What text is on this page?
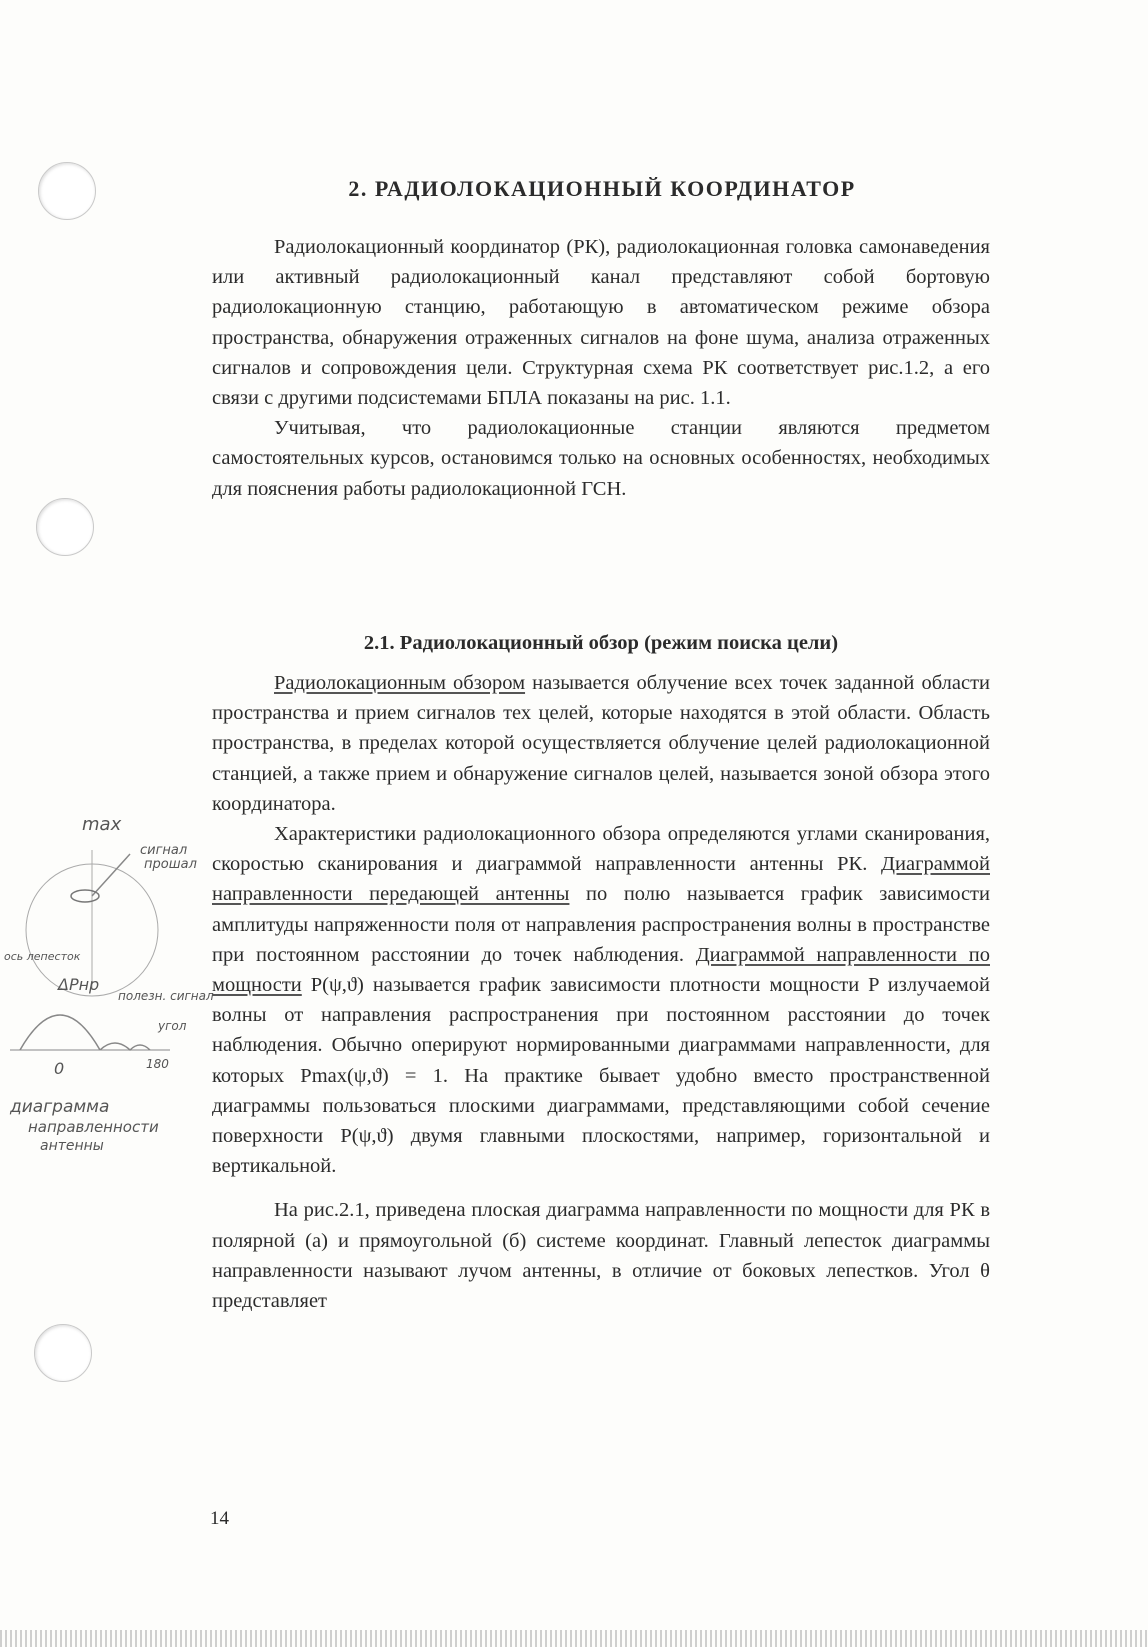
2. РАДИОЛОКАЦИОННЫЙ КООРДИНАТОР

Радиолокационный координатор (РК), радиолокационная головка самонаведения или активный радиолокационный канал представляют собой бортовую радиолокационную станцию, работающую в автоматическом режиме обзора пространства, обнаружения отраженных сигналов на фоне шума, анализа отраженных сигналов и сопровождения цели. Структурная схема РК соответствует рис.1.2, а его связи с другими подсистемами БПЛА показаны на рис. 1.1.

Учитывая, что радиолокационные станции являются предметом самостоятельных курсов, остановимся только на основных особенностях, необходимых для пояснения работы радиолокационной ГСН.

2.1. Радиолокационный обзор (режим поиска цели)

Радиолокационным обзором называется облучение всех точек заданной области пространства и прием сигналов тех целей, которые находятся в этой области. Область пространства, в пределах которой осуществляется облучение целей радиолокационной станцией, а также прием и обнаружение сигналов целей, называется зоной обзора этого координатора.

Характеристики радиолокационного обзора определяются углами сканирования, скоростью сканирования и диаграммой направленности антенны РК. Диаграммой направленности передающей антенны по полю называется график зависимости амплитуды напряженности поля от направления распространения волны в пространстве при постоянном расстоянии до точек наблюдения. Диаграммой направленности по мощности P(ψ,ϑ) называется график зависимости плотности мощности P излучаемой волны от направления распространения при постоянном расстоянии до точек наблюдения. Обычно оперируют нормированными диаграммами направленности, для которых Pmax(ψ,ϑ) = 1. На практике бывает удобно вместо пространственной диаграммы пользоваться плоскими диаграммами, представляющими собой сечение поверхности P(ψ,ϑ) двумя главными плоскостями, например, горизонтальной и вертикальной.

На рис.2.1, приведена плоская диаграмма направленности по мощности для РК в полярной (а) и прямоугольной (б) системе координат. Главный лепесток диаграммы направленности называют лучом антенны, в отличие от боковых лепестков. Угол θ представляет

max
сигнал
прошал
ось лепесток
ΔРнр
полезн. сигнал
угол
0	180
диаграмма
направленности
антенны
14
